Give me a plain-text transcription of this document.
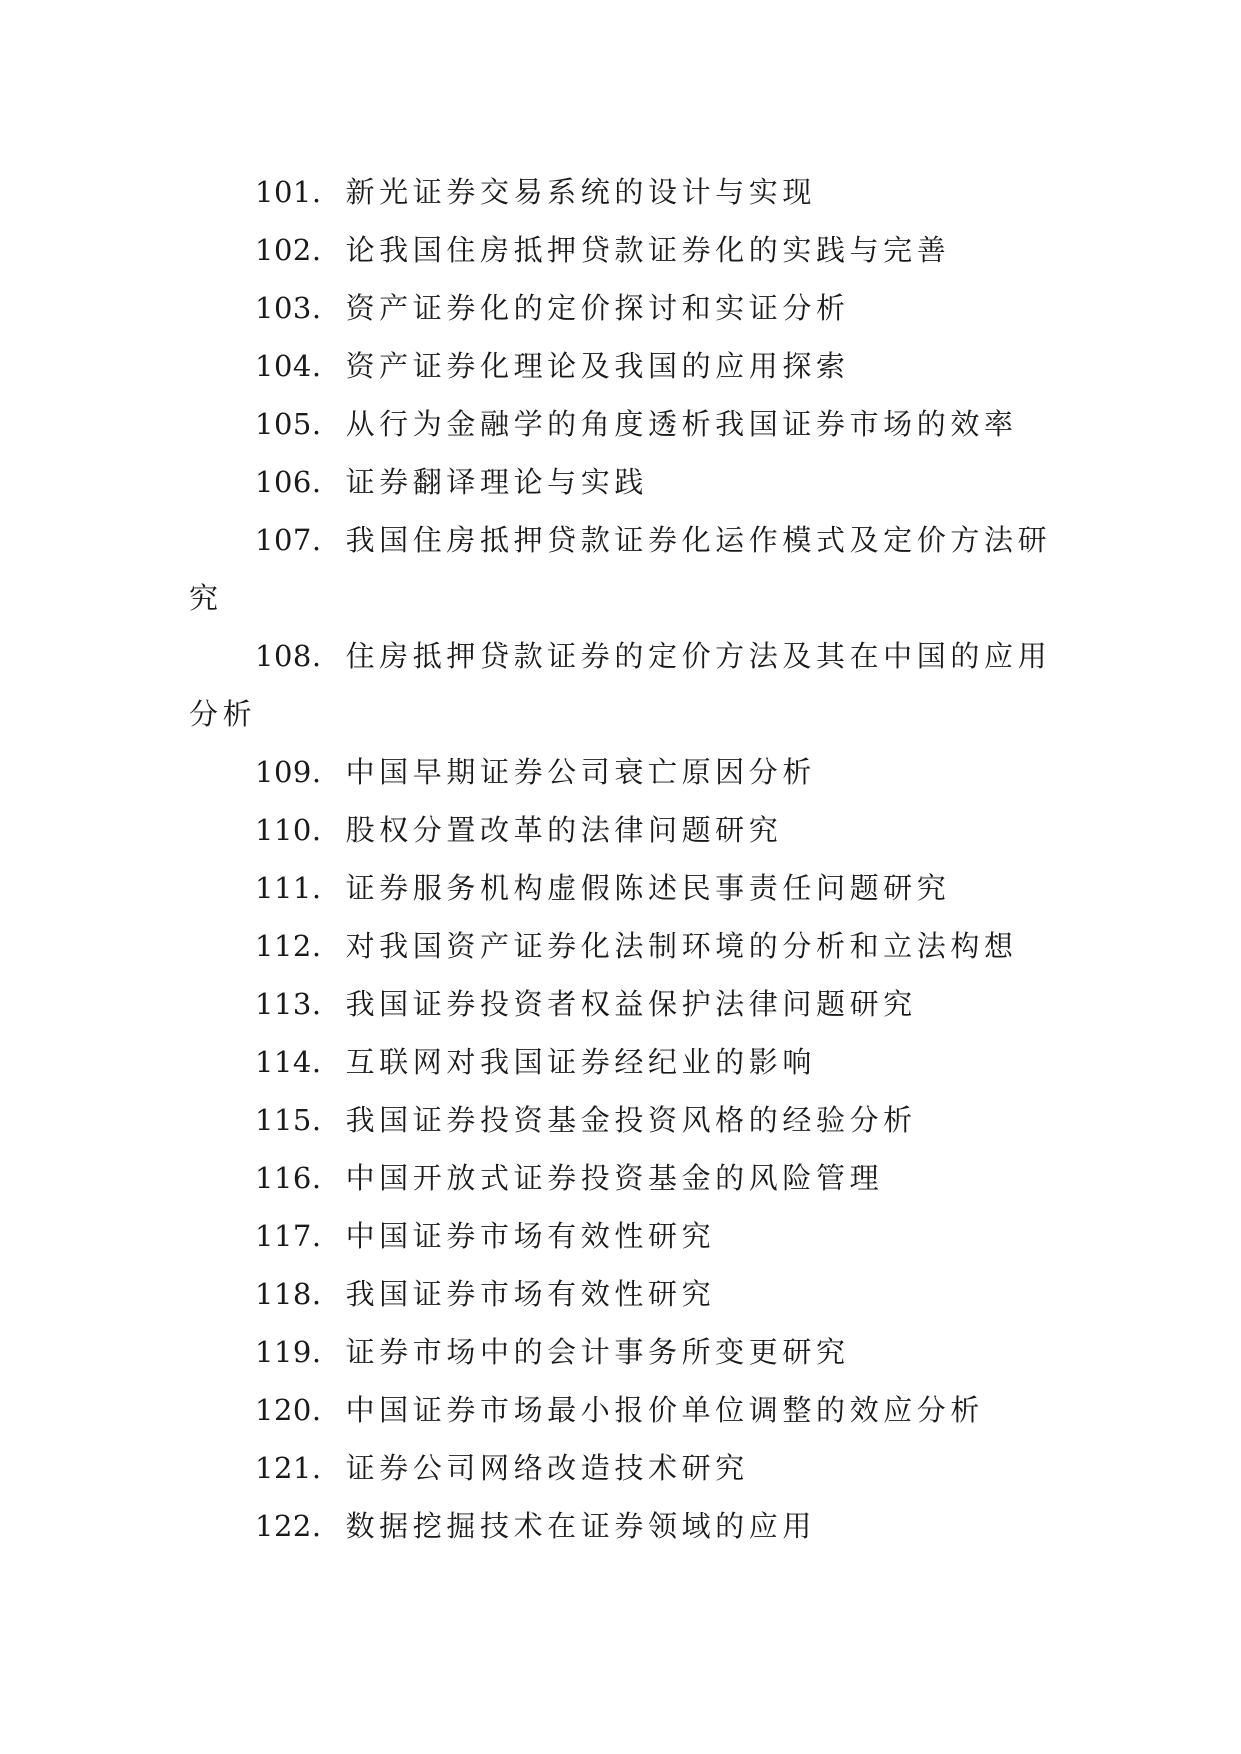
101. 新光证券交易系统的设计与实现
102. 论我国住房抵押贷款证券化的实践与完善
103. 资产证券化的定价探讨和实证分析
104. 资产证券化理论及我国的应用探索
105. 从行为金融学的角度透析我国证券市场的效率
106. 证券翻译理论与实践
107. 我国住房抵押贷款证券化运作模式及定价方法研究
108. 住房抵押贷款证券的定价方法及其在中国的应用分析
109. 中国早期证券公司衰亡原因分析
110. 股权分置改革的法律问题研究
111. 证券服务机构虚假陈述民事责任问题研究
112. 对我国资产证券化法制环境的分析和立法构想
113. 我国证券投资者权益保护法律问题研究
114. 互联网对我国证券经纪业的影响
115. 我国证券投资基金投资风格的经验分析
116. 中国开放式证券投资基金的风险管理
117. 中国证券市场有效性研究
118. 我国证券市场有效性研究
119. 证券市场中的会计事务所变更研究
120. 中国证券市场最小报价单位调整的效应分析
121. 证券公司网络改造技术研究
122. 数据挖掘技术在证券领域的应用
